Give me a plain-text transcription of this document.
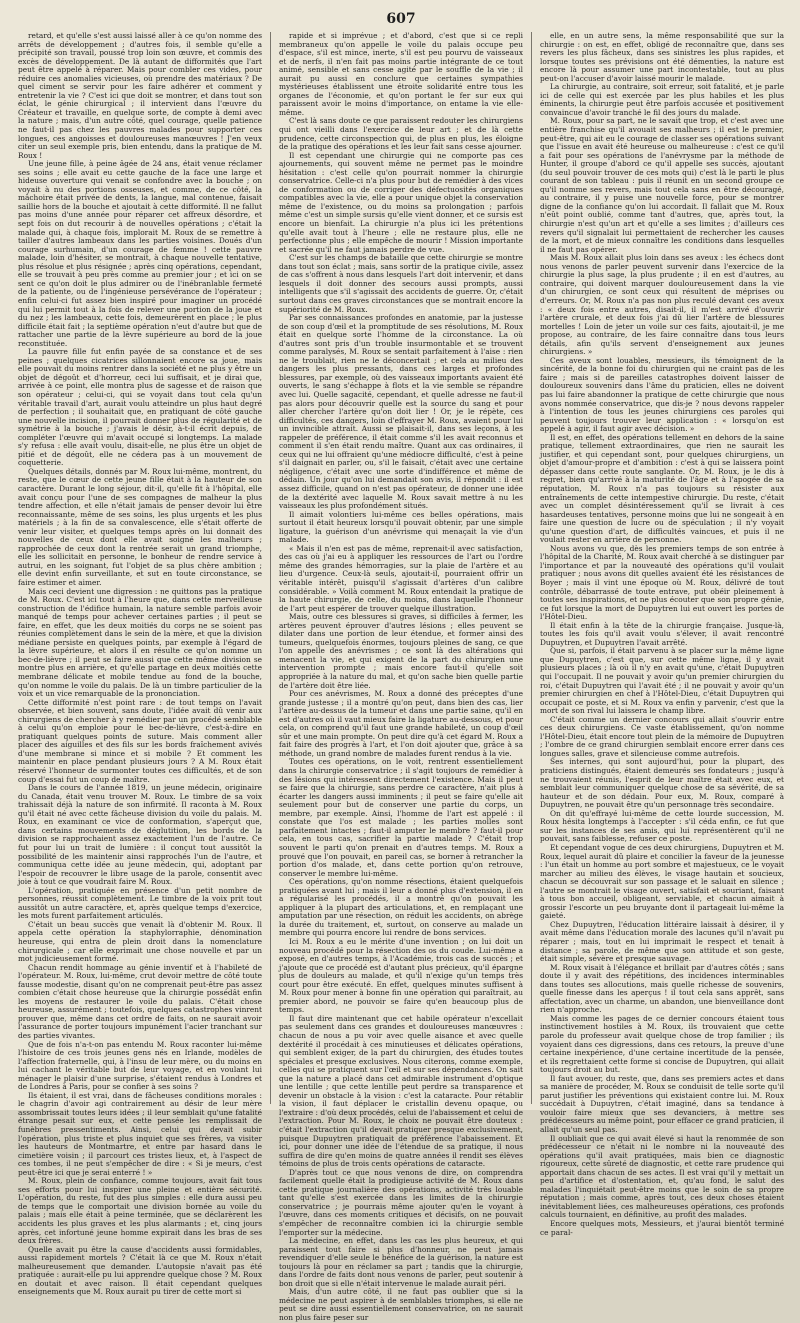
607

retard, et qu'elle s'est aussi laissé aller à ce qu'on nomme des arrêts de développement ; d'autres fois, il semble qu'elle a précipité son travail, poussé trop loin son œuvre, et commis des excès de développement. De là autant de difformités que l'art peut être appelé à réparer. Mais pour combler ces vides, pour réduire ces anomalies vicieuses, où prendre des matériaux ? De quel ciment se servir pour les faire adhérer et comment y entretenir la vie ? C'est ici que doit se montrer, et dans tout son éclat, le génie chirurgical ; il intervient dans l'œuvre du Créateur et travaille, en quelque sorte, de compte à demi avec la nature ; mais, d'un autre côté, quel courage, quelle patience ne faut-il pas chez les pauvres malades pour supporter ces longues, ces angoisses et douloureuses manœuvres ! J'en veux citer un seul exemple pris, bien entendu, dans la pratique de M. Roux !

Une jeune fille, à peine âgée de 24 ans, était venue réclamer ses soins ; elle avait eu cette gauche de la face une large et hideuse ouverture qui venait se confondre avec la bouche ; on voyait à nu des portions osseuses, et comme, de ce côté, la mâchoire était privée de dents, la langue, mal contenue, faisait saillie hors de la bouche et ajoutait à cette difformité. Il ne fallut pas moins d'une année pour réparer cet affreux désordre, et sept fois on dut recourir à de nouvelles opérations ; c'était la malade qui, à chaque fois, implorait M. Roux de se remettre à tailler d'autres lambeaux dans les parties voisines. Doués d'un courage surhumain, d'un courage de femme ! cette pauvre malade, loin d'hésiter, se montrait, à chaque nouvelle tentative, plus résolue et plus résignée ; après cinq opérations, cependant, elle se trouvait à peu près comme au premier jour ; et ici on se sent ce qu'on doit le plus admirer ou de l'inébranlable fermeté de la patiente, ou de l'ingénieuse persévérance de l'opérateur ; enfin celui-ci fut assez bien inspiré pour imaginer un procédé qui lui permit tout à la fois de relever une portion de la joue et du nez ; les lambeaux, cette fois, demeurèrent en place ; le plus difficile était fait ; la septième opération n'eut d'autre but que de rattacher une partie de la lèvre supérieure au bord de la joue reconstituée.

La pauvre fille fut enfin payée de sa constance et de ses peines ; quelques cicatrices sillonnaient encore sa joue, mais elle pouvait du moins rentrer dans la société et ne plus y être un objet de dégoût et d'horreur, ceci lui suffisait, et je dirai que, arrivée à ce point, elle montra plus de sagesse et de raison que son opérateur ; celui-ci, qui se voyait dans tout cela qu'un véritable travail d'art, aurait voulu atteindre un plus haut degré de perfection ; il souhaitait que, en pratiquant de côté gauche une nouvelle incision, il pourrait donner plus de régularité et de symétrie à la bouche ; j'avais le désir, à-t-il écrit depuis, de compléter l'œuvre qui m'avait occupé si longtemps. La malade s'y refusa : elle avait voulu, disait-elle, ne plus être un objet de pitié et de dégoût, elle ne cédera pas à un mouvement de coquetterie.

Quelques détails, donnés par M. Roux lui-même, montrent, du reste, que le cœur de cette jeune fille était à la hauteur de son caractère. Durant le long séjour, dit-il, qu'elle fit à l'hôpital, elle avait conçu pour l'une de ses compagnes de malheur la plus tendre affection, et elle n'était jamais de penser devoir lui être reconnaissante, même de ses soins, les plus urgents et les plus matériels ; à la fin de sa convalescence, elle s'était offerte de venir leur visiter, et quelques temps après on lui donnait des nouvelles de ceux dont elle avait soigné les malheurs ; rapprochée de ceux dont la rentrée serait un grand triomphe, elle les sollicitait en personne, le bonheur de rendre service à autrui, en les soignant, fut l'objet de sa plus chère ambition ; elle devint enfin surveillante, et sut en toute circonstance, se faire estimer et aimer.

Mais ceci devient une digression : ne quittons pas la pratique de M. Roux. C'est ici tout à l'heure que, dans cette merveilleuse construction de l'édifice humain, la nature semble parfois avoir manqué de temps pour achever certaines parties ; il peut se faire, en effet, que les deux moitiés du corps ne se soient pas réunies complètement dans le sein de la mère, et que la division médiane persiste en quelques points, par exemple à l'égard de la lèvre supérieure, et alors il en résulte ce qu'on nomme un bec-de-lièvre ; il peut se faire aussi que cette même division se montre plus en arrière, et qu'elle partage en deux moitiés cette membrane délicate et mobile tendue au fond de la bouche, qu'on nomme le voile du palais. De là un timbre particulier de la voix et un vice remarquable de la prononciation.

Cette difformité n'est point rare : de tout temps on l'avait observée, et bien souvent, sans doute, l'idée avait dû venir aux chirurgiens de chercher à y remédier par un procédé semblable à celui qu'on emploie pour le bec-de-lièvre, c'est-à-dire en pratiquant quelques points de suture. Mais comment aller placer des aiguilles et des fils sur les bords fraîchement avivés d'une membrane si mince et si mobile ? Et comment les maintenir en place pendant plusieurs jours ? A M. Roux était réservé l'honneur de surmonter toutes ces difficultés, et de son coup d'essai fut un coup de maître.

Dans le cours de l'année 1819, un jeune médecin, originaire du Canada, était venu trouver M. Roux. Le timbre de sa voix trahissait déjà la nature de son infirmité. Il raconta à M. Roux qu'il était né avec cette fâcheuse division du voile du palais. M. Roux, en examinant ce vice de conformation, s'aperçut que, dans certains mouvements de déglutition, les bords de la division se rapprochaient assez exactement l'un de l'autre. Ce fut pour lui un trait de lumière : il conçut tout aussitôt la possibilité de les maintenir ainsi rapprochés l'un de l'autre, et communiqua cette idée au jeune médecin, qui, adoptant par l'espoir de recouvrer le libre usage de la parole, consentit avec joie à tout ce que voudrait faire M. Roux.

L'opération, pratiquée en présence d'un petit nombre de personnes, réussit complètement. Le timbre de la voix prit tout aussitôt un autre caractère, et, après quelque temps d'exercice, les mots furent parfaitement articulés.

C'était un beau succès que venait là d'obtenir M. Roux. Il appela cette opération la staphylorraphie, dénomination heureuse, qui entra de plein droit dans la nomenclature chirurgicale ; car elle exprimait une chose nouvelle et par un mot judicieusement formé.

Chacun rendit hommage au génie inventif et à l'habileté de l'opérateur. M. Roux, lui-même, crut devoir mettre de côté toute fausse modestie, disant qu'on ne comprenait peut-être pas assez combien c'était chose heureuse que la chirurgie possédât enfin les moyens de restaurer le voile du palais. C'était chose heureuse, assurément ; toutefois, quelques catastrophes vinrent prouver que, même dans cet ordre de faits, on ne saurait avoir l'assurance de porter toujours impunément l'acier tranchant sur des parties vivantes.

Que de fois n'a-t-on pas entendu M. Roux raconter lui-même l'histoire de ces trois jeunes gens nés en Irlande, modèles de l'affection fraternelle, qui, à l'insu de leur mère, ou du moins en lui cachant le véritable but de leur voyage, et en voulant lui ménager le plaisir d'une surprise, s'étaient rendus à Londres et de Londres à Paris, pour se confier à ses soins ?

Ils étaient, il est vrai, dans de fâcheuses conditions morales : le chagrin d'avoir agi contrairement au désir de leur mère assombrissait toutes leurs idées ; il leur semblait qu'une fatalité étrange pesait sur eux, et cette pensée les remplissait de funèbres pressentiments. Ainsi, celui qui devait subir l'opération, plus triste et plus inquiet que ses frères, va visiter les hauteurs de Montmartre, et entre par hasard dans le cimetière voisin ; il parcourt ces tristes lieux, et, à l'aspect de ces tombes, il ne peut s'empêcher de dire : « Si je meurs, c'est peut-être ici que je serai enterré ! »

M. Roux, plein de confiance, comme toujours, avait fait tous ses efforts pour lui inspirer une pleine et entière sécurité. L'opération, du reste, fut des plus simples : elle dura aussi peu de temps que le comportait une division bornée au voile du palais ; mais elle était à peine terminée, que se déclarèrent les accidents les plus graves et les plus alarmants ; et, cinq jours après, cet infortuné jeune homme expirait dans les bras de ses deux frères.

Quelle avait pu être la cause d'accidents aussi formidables, aussi rapidement mortels ? C'était là ce que M. Roux n'était malheureusement que demander. L'autopsie n'avait pas été pratiquée : aurait-elle pu lui apprendre quelque chose ? M. Roux en doutait et avec raison. Il était cependant quelques enseignements que M. Roux aurait pu tirer de cette mort si

rapide et si imprévue ; et d'abord, c'est que si ce repli membraneux qu'on appelle le voile du palais occupe peu d'espace, s'il est mince, inerte, s'il est peu pourvu de vaisseaux et de nerfs, il n'en fait pas moins partie intégrante de ce tout animé, sensible et sans cesse agité par le souffle de la vie ; il aurait pu aussi en conclure que certaines sympathies mystérieuses établissent une étroite solidarité entre tous les organes de l'économie, et qu'on portant le fer sur eux qui paraissent avoir le moins d'importance, on entame la vie elle-même.

C'est là sans doute ce que paraissent redouter les chirurgiens qui ont vieilli dans l'exercice de leur art ; et de là cette prudence, cette circonspection qui, de plus en plus, les éloigne de la pratique des opérations et les leur fait sans cesse ajourner.

Il est cependant une chirurgie qui ne comporte pas ces ajournements, qui souvent même ne permet pas le moindre hésitation : c'est celle qu'on pourrait nommer la chirurgie conservatrice. Celle-ci n'a plus pour but de remédier à des vices de conformation ou de corriger des défectuosités organiques compatibles avec la vie, elle a pour unique objet la conservation même de l'existence, ou du moins sa prolongation ; parfois même c'est un simple sursis qu'elle vient donner, et ce sursis est encore un bienfait. La chirurgie n'a plus ici les prétentions qu'elle avait tout à l'heure ; elle ne restaure plus, elle ne perfectionne plus ; elle empêche de mourir ! Mission importante et sacrée qu'il ne faut jamais perdre de vue.

C'est sur les champs de bataille que cette chirurgie se montre dans tout son éclat ; mais, sans sortir de la pratique civile, assez de cas s'offrent à nous dans lesquels l'art doit intervenir, et dans lesquels il doit donner des secours aussi prompts, aussi intelligents que s'il s'agissait des accidents de guerre. Or, c'était surtout dans ces graves circonstances que se montrait encore la supériorité de M. Roux.

Par ses connaissances profondes en anatomie, par la justesse de son coup d'œil et la promptitude de ses résolutions, M. Roux était en quelque sorte l'homme de la circonstance. La où d'autres sont pris d'un trouble insurmontable et se trouvent comme paralysés, M. Roux se sentait parfaitement à l'aise : rien ne le troublait, rien ne le déconcertait ; et cela au milieu des dangers les plus pressants, dans ces larges et profondes blessures, par exemple, où des vaisseaux importants avaient été ouverts, le sang s'échappe à flots et la vie semble se répandre avec lui. Quelle sagacité, cependant, et quelle adresse ne faut-il pas alors pour découvrir quelle est la source du sang et pour aller chercher l'artère qu'on doit lier ! Or, je le répète, ces difficultés, ces dangers, loin d'effrayer M. Roux, avaient pour lui un invincible attrait. Aussi se plaisait-il, dans ses leçons, à les rappeler de préférence, il était comme s'il les avait reconnus et comment il s'en était rendu maître. Quant aux cas ordinaires, il ceux qui ne lui offraient qu'une médiocre difficulté, c'est à peine s'il daignait en parler, ou, s'il le faisait, c'était avec une certaine négligence, c'était avec une sorte d'indifférence et même de dédain. Un jour qu'on lui demandait son avis, il répondit : il est assez difficile, quand on n'est pas opérateur, de donner une idée de la dextérité avec laquelle M. Roux savait mettre à nu les vaisseaux les plus profondément situés.

Il aimait volontiers lui-même ces belles opérations, mais surtout il était heureux lorsqu'il pouvait obtenir, par une simple ligature, la guérison d'un anévrisme qui menaçait la vie d'un malade.

« Mais il n'en est pas de même, reprenait-il avec satisfaction, des cas où j'ai eu à appliquer les ressources de l'art ou l'ordre même des grandes hémorragies, sur la plaie de l'artère et au lieu d'urgence. Ceux-là seuls, ajoutait-il, pourraient offrir un véritable intérêt, puisqu'il s'agissait d'artères d'un calibre considérable. » Voilà comment M. Roux entendait la pratique de la haute chirurgie, de celle, du moins, dans laquelle l'honneur de l'art peut espérer de trouver quelque illustration.

Mais, outre ces blessures si graves, si difficiles à fermer, les artères peuvent éprouver d'autres lésions ; elles peuvent se dilater dans une portion de leur étendue, et former ainsi des tumeurs, quelquefois énormes, toujours pleines de sang, ce que l'on appelle des anévrismes ; ce sont là des altérations qui menacent la vie, et qui exigent de la part du chirurgien une intervention prompte ; mais encore faut-il qu'elle soit appropriée à la nature du mal, et qu'on sache bien quelle partie de l'artère doit être liée.

Pour ces anévrismes, M. Roux a donné des préceptes d'une grande justesse ; il a montré qu'on peut, dans bien des cas, lier l'artère au-dessus de la tumeur et dans une partie saine, qu'il en est d'autres où il vaut mieux faire la ligature au-dessous, et pour cela, on comprend qu'il faut une grande habileté, un coup d'œil sûr et une main prompte. On peut dire qu'à cet égard M. Roux a fait faire des progrès à l'art, et l'on doit ajouter que, grâce à sa méthode, un grand nombre de malades furent rendus à la vie.

Toutes ces opérations, on le voit, rentrent essentiellement dans la chirurgie conservatrice ; il s'agit toujours de remédier à des lésions qui intéressent directement l'existence. Mais il peut se faire que la chirurgie, sans perdre ce caractère, n'ait plus à écarter les dangers aussi imminents ; il peut se faire qu'elle ait seulement pour but de conserver une partie du corps, un membre, par exemple. Ainsi, l'homme de l'art est appelé : il constate que l'os est malade ; les parties molles sont parfaitement intactes ; faut-il amputer le membre ? faut-il pour cela, en tous cas, sacrifier la partie malade ? C'était trop souvent le parti qu'on prenait en d'autres temps. M. Roux a prouvé que l'on pouvait, en pareil cas, se borner à retrancher la portion d'os malade, et, dans cette portion qu'on retrouve, conserver le membre lui-même.

Ces opérations, qu'on nomme résections, étaient quelquefois pratiquées avant lui ; mais il leur a donné plus d'extension, il en a régularisé les procédés, il a montré qu'on pouvait les appliquer à la plupart des articulations, et, en remplaçant une amputation par une résection, on réduit les accidents, on abrège la durée du traitement, et, surtout, on conserve au malade un membre qui pourra encore lui rendre de bons services.

Ici M. Roux a eu le mérite d'une invention ; on lui doit un nouveau procédé pour la résection des os du coude. Lui-même a exposé, en d'autres temps, à l'Académie, trois cas de succès ; et j'ajoute que ce procédé est d'autant plus précieux, qu'il épargne plus de douleurs au malade, et qu'il n'exige qu'un temps très court pour être exécuté. En effet, quelques minutes suffisent à M. Roux pour mener à bonne fin une opération qui paraîtrait, au premier abord, ne pouvoir se faire qu'en beaucoup plus de temps.

Il faut dire maintenant que cet habile opérateur n'excellait pas seulement dans ces grandes et douloureuses manœuvres : chacun de nous a pu voir avec quelle aisance et avec quelle dextérité il procédait à ces minutieuses et délicates opérations, qui semblent exiger, de la part du chirurgien, des études toutes spéciales et presque exclusives. Nous citerons, comme exemple, celles qui se pratiquent sur l'œil et sur ses dépendances. On sait que la nature a placé dans cet admirable instrument d'optique une lentille ; que cette lentille peut perdre sa transparence et devenir un obstacle à la vision : c'est la cataracte. Pour rétablir la vision, il faut déplacer le cristallin devenu opaque, ou l'extraire : d'où deux procédés, celui de l'abaissement et celui de l'extraction. Pour M. Roux, le choix ne pouvait être douteux : c'était l'extraction qu'il devait pratiquer presque exclusivement, puisque Dupuytren pratiquait de préférence l'abaissement. Et ici, pour donner une idée de l'étendue de sa pratique, il nous suffira de dire qu'en moins de quatre années il rendit ses élèves témoins de plus de trois cents opérations de cataracte.

D'après tout ce que nous venons de dire, on comprendra facilement quelle était la prodigieuse activité de M. Roux dans cette pratique journalière des opérations, activité très louable tant qu'elle s'est exercée dans les limites de la chirurgie conservatrice ; je pourrais même ajouter qu'en le voyant à l'œuvre, dans ces moments critiques et décisifs, on ne pouvait s'empêcher de reconnaître combien ici la chirurgie semble l'emporter sur la médecine.

La médecine, en effet, dans les cas les plus heureux, et qui paraissent tout faire si plus d'honneur, ne peut jamais revendiquer d'elle seule le bénéfice de la guérison, la nature est toujours là pour en réclamer sa part ; tandis que la chirurgie, dans l'ordre de faits dont nous venons de parler, peut soutenir à bon droit que si elle n'était intervenue le malade aurait péri.

Mais, d'un autre côté, il ne faut pas oublier que si la médecine ne peut aspirer à de semblables triomphes, si elle ne peut se dire aussi essentiellement conservatrice, on ne saurait non plus faire peser sur

elle, en un autre sens, la même responsabilité que sur la chirurgie : on est, en effet, obligé de reconnaître que, dans ses revers les plus fâcheux, dans ses sinistres les plus rapides, et lorsque toutes ses prévisions ont été démenties, la nature est encore là pour assumer une part incontestable, tout au plus peut-on l'accuser d'avoir laissé mourir le malade.

La chirurgie, au contraire, soit erreur, soit fatalité, et je parle ici de celle qui est exercée par les plus habiles et les plus éminents, la chirurgie peut être parfois accusée et positivement convaincue d'avoir tranché le fil des jours du malade.

M. Roux, pour sa part, ne le savait que trop, et c'est avec une entière franchise qu'il avouait ses malheurs ; il est le premier, peut-être, qui ait eu le courage de classer ses opérations suivant que l'issue en avait été heureuse ou malheureuse : c'est ce qu'il a fait pour ses opérations de l'anévrysme par la méthode de Hunter, il groupe d'abord ce qu'il appelle ses succès, ajoutant (du seul pouvoir trouver de ces mots qui) c'est là le parti le plus courant de son tableau : puis il réunit en un second groupe ce qu'il nomme ses revers, mais tout cela sans en être découragé, au contraire, il y puise une nouvelle force, pour se montrer digne de la confiance qu'on lui accordait. Il fallait que M. Roux n'eût point oublié, comme tant d'autres, que, après tout, la chirurgie n'est qu'un art et qu'elle a ses limites ; d'ailleurs ces revers qu'il signalait lui permettaient de rechercher les causes de la mort, et de mieux connaître les conditions dans lesquelles il ne faut pas opérer.

Mais M. Roux allait plus loin dans ses aveux : les échecs dont nous venons de parler peuvent survenir dans l'exercice de la chirurgie la plus sage, la plus prudente ; il en est d'autres, au contraire, qui doivent marquer douloureusement dans la vie d'un chirurgien, ce sont ceux qui résultent de méprises ou d'erreurs. Or, M. Roux n'a pas non plus reculé devant ces aveux : « deux fois entre autres, disait-il, il m'est arrivé d'ouvrir l'artère crurale, et deux fois j'ai dû lier l'artère de blessures mortelles ! Loin de jeter un voile sur ces faits, ajoutait-il, je me propose, au contraire, de les faire connaître dans tous leurs détails, afin qu'ils servent d'enseignement aux jeunes chirurgiens. »

Ces aveux sont louables, messieurs, ils témoignent de la sincérité, de la bonne foi du chirurgien qui ne craint pas de les faire ; mais si de pareilles catastrophes doivent laisser de douloureux souvenirs dans l'âme du praticien, elles ne doivent pas lui faire abandonner la pratique de cette chirurgie que nous avons nommée conservatrice, que dis-je ? nous devons rappeler à l'intention de tous les jeunes chirurgiens ces paroles qui peuvent toujours trouver leur application : « lorsqu'on est appelé à agir, il faut agir avec décision. »

Il est, en effet, des opérations tellement en dehors de la saine pratique, tellement extraordinaires, que rien ne saurait les justifier, et qui cependant sont, pour quelques chirurgiens, un objet d'amour-propre et d'ambition : c'est à qui se laissera point dépasser dans cette route sanglante. Or, M. Roux, je le dis à regret, bien qu'arrivé à la maturité de l'âge et à l'apogée de sa réputation, M. Roux n'a pas toujours su résister aux entraînements de cette intempestive chirurgie. Du reste, c'était avec un complet désintéressement qu'il se livrait à ces hasardeuses tentatives, personne moins que lui ne songeait à en faire une question de lucre ou de spéculation ; il n'y voyait qu'une question d'art, de difficultés vaincues, et puis il ne voulait rester en arrière de personne.

Nous avons vu que, dès les premiers temps de son entrée à l'hôpital de la Charité, M. Roux avait cherché à se distinguer par l'importance et par la nouveauté des opérations qu'il voulait pratiquer ; nous avons dit quelles avaient été les résistances de Boyer ; mais il vint une époque où M. Roux, délivré de tout contrôle, débarrassé de toute entrave, put obéir pleinement à toutes ses inspirations, et ne plus écouter que son propre génie, ce fut lorsque la mort de Dupuytren lui eut ouvert les portes de l'Hôtel-Dieu.

Il était enfin à la tête de la chirurgie française. Jusque-là, toutes les fois qu'il avait voulu s'élever, il avait rencontré Dupuytren, et Dupuytren l'avait arrêté.

Que si, parfois, il était parvenu à se placer sur la même ligne que Dupuytren, c'est que, sur cette même ligne, il y avait plusieurs places ; là où il n'y en avait qu'une, c'était Dupuytren qui l'occupait. Il ne pouvait y avoir qu'un premier chirurgien du roi, c'était Dupuytren qui l'avait été ; il ne pouvait y avoir qu'un premier chirurgien en chef à l'Hôtel-Dieu, c'était Dupuytren qui occupait ce poste, et si M. Roux va enfin y parvenir, c'est que la mort de son rival lui laissera le champ libre.

C'était comme un dernier concours qui allait s'ouvrir entre ces deux chirurgiens. Ce vaste établissement, qu'on nomme l'Hôtel-Dieu, était encore tout plein de la mémoire de Dupuytren ; l'ombre de ce grand chirurgien semblait encore errer dans ces longues salles, grave et silencieuse comme autrefois.

Ses internes, qui sont aujourd'hui, pour la plupart, des praticiens distingués, étaient demeurés ses fondateurs ; jusqu'à ne trouvaient réunis, l'esprit de leur maître était avec eux, et semblait leur communiquer quelque chose de sa sévérité, de sa hauteur et de son dédain. Pour eux, M. Roux, comparé à Dupuytren, ne pouvait être qu'un personnage très secondaire.

On dit qu'effrayé lui-même de cette lourde succession, M. Roux hésita longtemps à l'accepter : s'il céda enfin, ce fut que sur les instances de ses amis, qui lui représentèrent qu'il ne pouvait, sans faiblesse, refuser ce poste.

Et cependant vogue de ces deux chirurgiens, Dupuytren et M. Roux, lequel aurait dû plaire et concilier la faveur de la jeunesse : l'un était un homme au port sombre et majestueux, ce le voyait marcher au milieu des élèves, le visage hautain et soucieux, chacun se découvrait sur son passage et le saluait en silence ; l'autre se montrait le visage ouvert, satisfait et souriant, faisant à tous bon accueil, obligeant, serviable, et chacun aimait à grossir l'escorte un peu bruyante dont il partageait lui-même la gaieté.

Chez Dupuytren, l'éducation littéraire laissait à désirer, il y avait même dans l'éducation morale des lacunes qu'il n'avait pu réparer ; mais, tout en lui imprimait le respect et tenait à distance ; sa parole, de même que son attitude et son geste, était simple, sévère et presque sauvage.

M. Roux visait à l'élégance et brillait par d'autres côtés ; sans doute il y avait des répétitions, des incidences interminables dans toutes ses allocutions, mais quelle richesse de souvenirs, quelle finesse dans les aperçus ! il tout cela sans apprêt, sans affectation, avec un charme, un abandon, une bienveillance dont rien n'approche.

Mais comme les pages de ce dernier concours étaient tous instinctivement hostiles à M. Roux, ils trouvaient que cette parole du professeur avait quelque chose de trop familier ; ils voyaient dans ces digressions, dans ces retours, la preuve d'une certaine inexpérience, d'une certaine incertitude de la pensée, et ils regrettaient cette forme si concise de Dupuytren, qui allait toujours droit au but.

Il faut avouer, du reste, que, dans ses premiers actes et dans sa manière de procéder, M. Roux se conduisit de telle sorte qu'il parut justifier les préventions qui existaient contre lui. M. Roux succédait à Dupuytren, c'était imaginé, dans sa tendance à vouloir faire mieux que ses devanciers, à mettre ses prédécesseurs au même point, pour effacer ce grand praticien, il allait qu'un seul pas.

Il oubliait que ce qui avait élevé si haut la renommée de son prédécesseur ce n'était ni le nombre ni la nouveauté des opérations qu'il avait pratiquées, mais bien ce diagnostic rigoureux, cette sûreté de diagnostic, et cette rare prudence qui apportait dans chacun de ses actes. Il est vrai qu'il y mettait un peu d'artifice et d'ostentation, et, qu'au fond, le salut des malades l'inquiétait peut-être moins que le soin de sa propre réputation ; mais comme, après tout, ces deux choses étaient inévitablement liées, ces malheureuses opérations, ces profonds calculs tournaient, en définitive, au profit des malades.

Encore quelques mots, Messieurs, et j'aurai bientôt terminé ce paral-
